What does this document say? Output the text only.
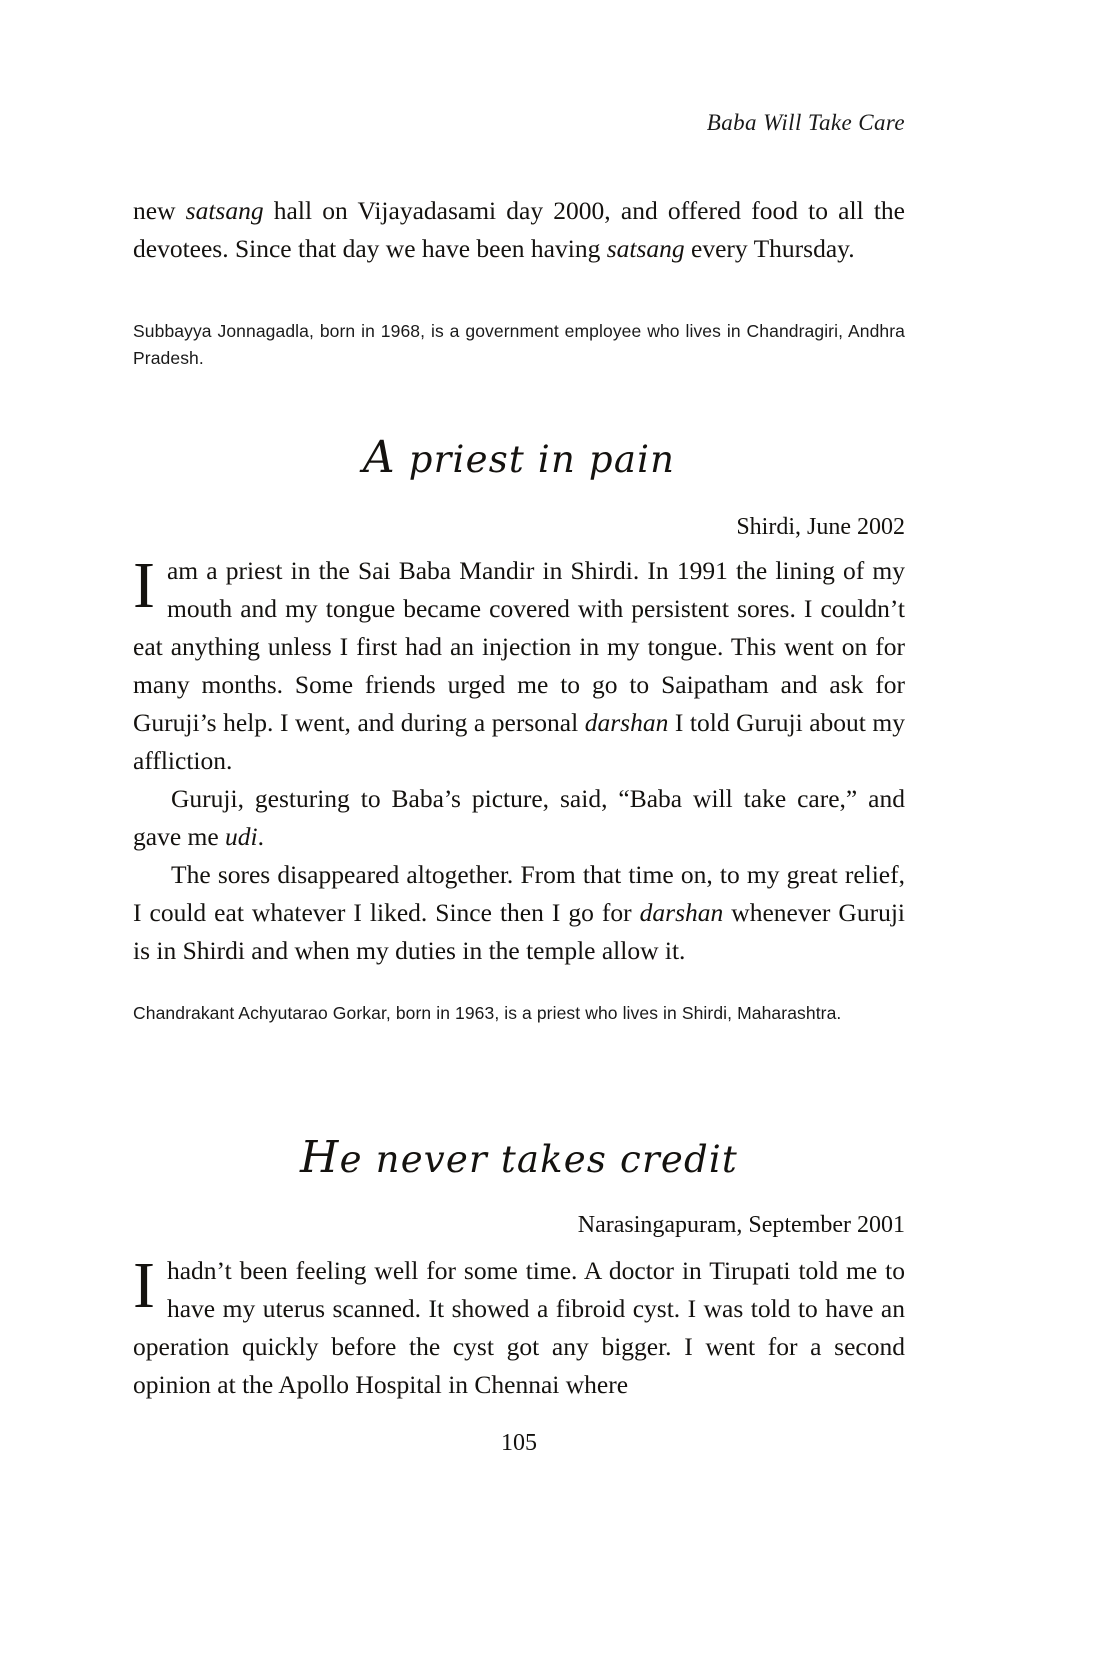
Baba Will Take Care

new satsang hall on Vijayadasami day 2000, and offered food to all the devotees. Since that day we have been having satsang every Thursday.

Subbayya Jonnagadla, born in 1968, is a government employee who lives in Chandragiri, Andhra Pradesh.

A priest in pain
Shirdi, June 2002

Iam a priest in the Sai Baba Mandir in Shirdi. In 1991 the lining of my mouth and my tongue became covered with persistent sores. I couldn’t eat anything unless I first had an injection in my tongue. This went on for many months. Some friends urged me to go to Saipatham and ask for Guruji’s help. I went, and during a personal darshan I told Guruji about my affliction.

Guruji, gesturing to Baba’s picture, said, “Baba will take care,” and gave me udi.

The sores disappeared altogether. From that time on, to my great relief, I could eat whatever I liked. Since then I go for darshan whenever Guruji is in Shirdi and when my duties in the temple allow it.

Chandrakant Achyutarao Gorkar, born in 1963, is a priest who lives in Shirdi, Maharashtra.

He never takes credit
Narasingapuram, September 2001

Ihadn’t been feeling well for some time. A doctor in Tirupati told me to have my uterus scanned. It showed a fibroid cyst. I was told to have an operation quickly before the cyst got any bigger. I went for a second opinion at the Apollo Hospital in Chennai where

105
